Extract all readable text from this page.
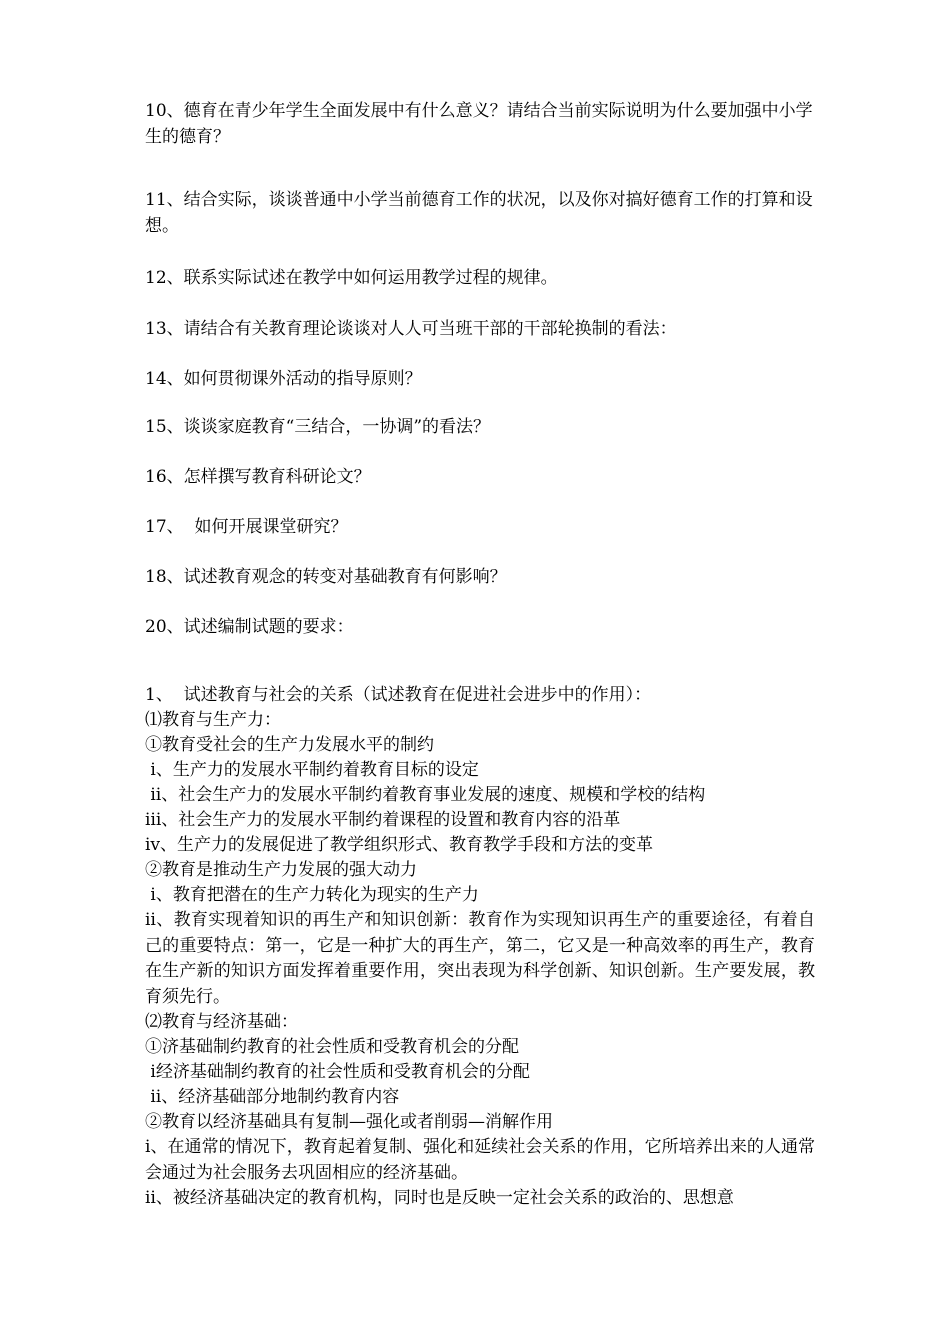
10、德育在青少年学生全面发展中有什么意义？请结合当前实际说明为什么要加强中小学生的德育？

11、结合实际，谈谈普通中小学当前德育工作的状况，以及你对搞好德育工作的打算和设想。

12、联系实际试述在教学中如何运用教学过程的规律。

13、请结合有关教育理论谈谈对人人可当班干部的干部轮换制的看法：

14、如何贯彻课外活动的指导原则？

15、谈谈家庭教育“三结合，一协调”的看法？

16、怎样撰写教育科研论文？

17、  如何开展课堂研究？

18、试述教育观念的转变对基础教育有何影响？

20、试述编制试题的要求：

1、  试述教育与社会的关系（试述教育在促进社会进步中的作用）：
⑴教育与生产力：
①教育受社会的生产力发展水平的制约
ⅰ、生产力的发展水平制约着教育目标的设定
ⅱ、社会生产力的发展水平制约着教育事业发展的速度、规模和学校的结构
ⅲ、社会生产力的发展水平制约着课程的设置和教育内容的沿革
ⅳ、生产力的发展促进了教学组织形式、教育教学手段和方法的变革
②教育是推动生产力发展的强大动力
ⅰ、教育把潜在的生产力转化为现实的生产力
ⅱ、教育实现着知识的再生产和知识创新：教育作为实现知识再生产的重要途径，有着自己的重要特点：第一，它是一种扩大的再生产，第二，它又是一种高效率的再生产，教育在生产新的知识方面发挥着重要作用，突出表现为科学创新、知识创新。生产要发展，教育须先行。
⑵教育与经济基础：
①济基础制约教育的社会性质和受教育机会的分配
ⅰ经济基础制约教育的社会性质和受教育机会的分配
ⅱ、经济基础部分地制约教育内容
②教育以经济基础具有复制—强化或者削弱—消解作用
ⅰ、在通常的情况下，教育起着复制、强化和延续社会关系的作用，它所培养出来的人通常会通过为社会服务去巩固相应的经济基础。
ⅱ、被经济基础决定的教育机构，同时也是反映一定社会关系的政治的、思想意
